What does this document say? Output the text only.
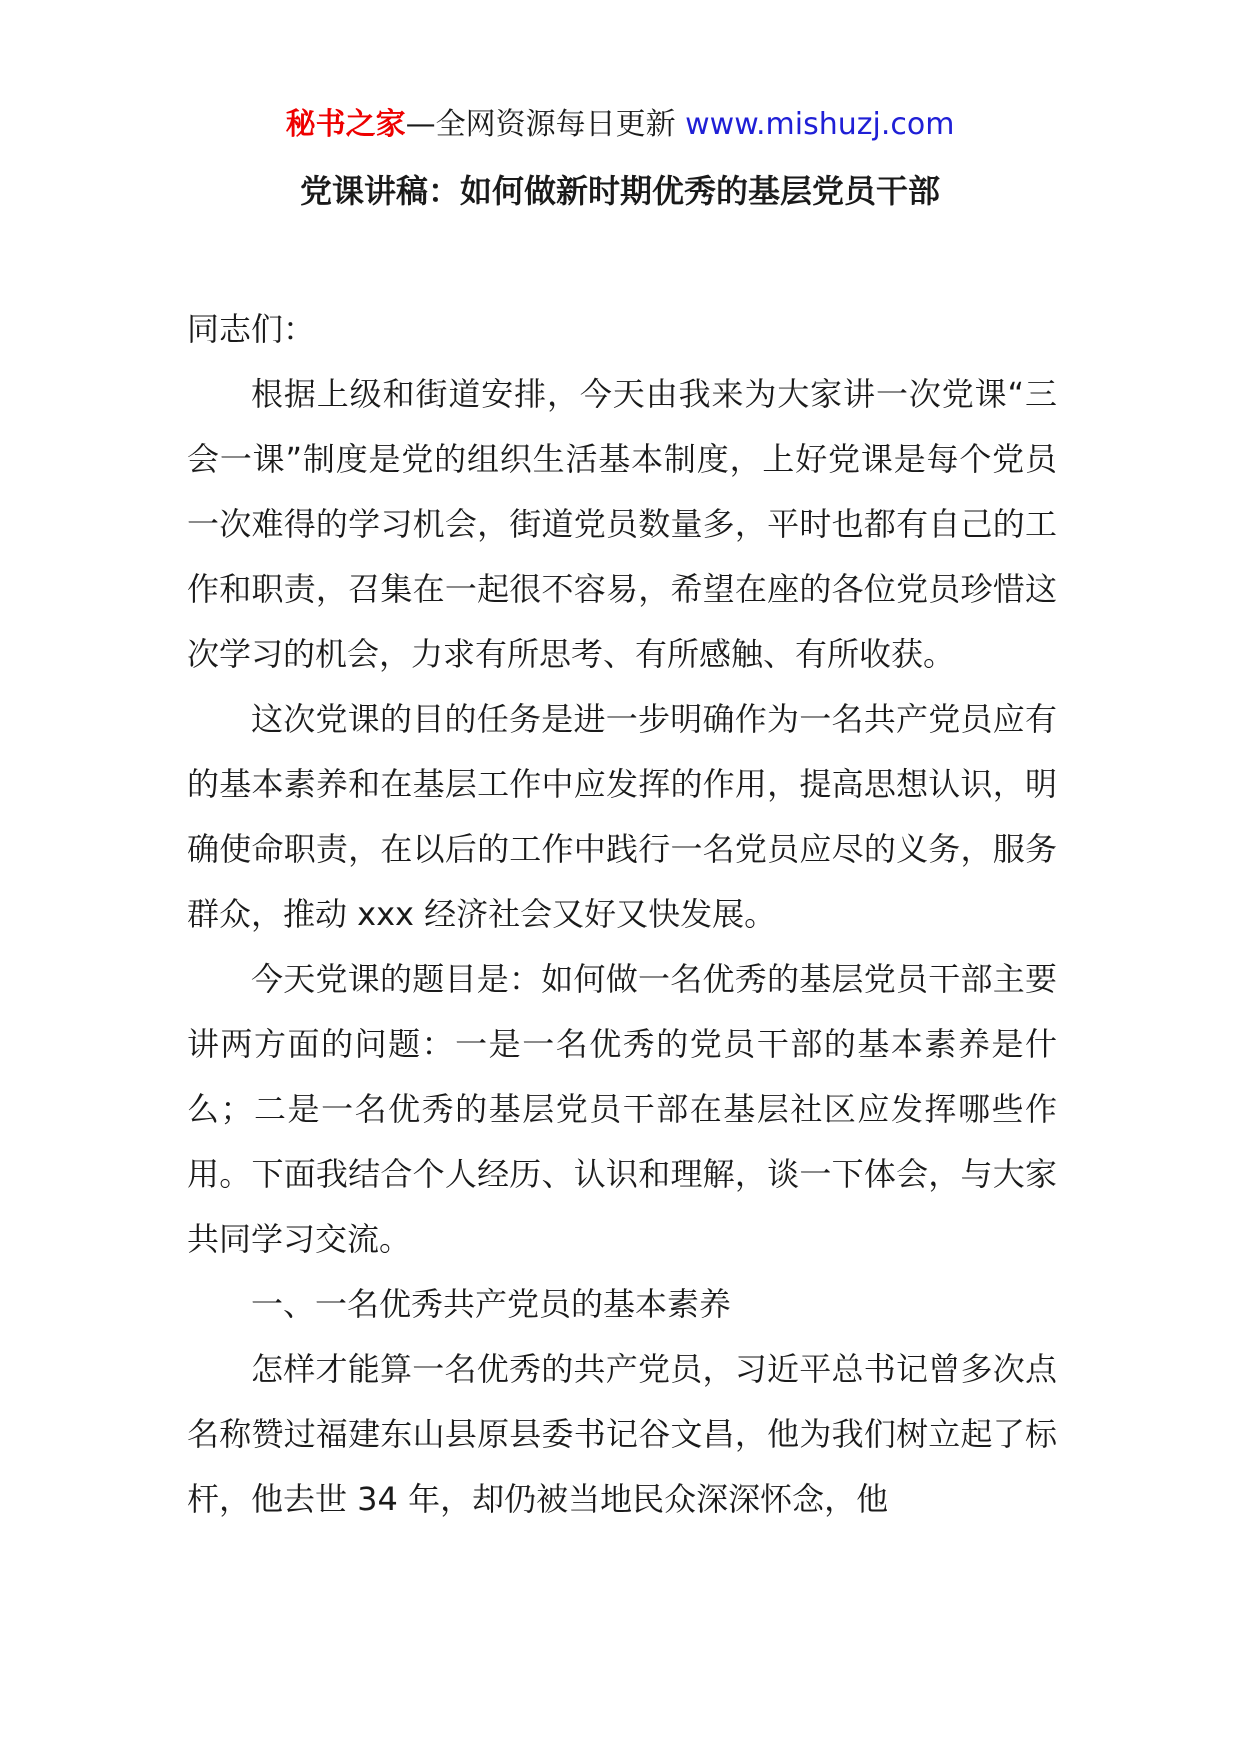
秘书之家—全网资源每日更新 www.mishuzj.com
党课讲稿：如何做新时期优秀的基层党员干部

同志们：

根据上级和街道安排，今天由我来为大家讲一次党课“三会一课”制度是党的组织生活基本制度，上好党课是每个党员一次难得的学习机会，街道党员数量多，平时也都有自己的工作和职责，召集在一起很不容易，希望在座的各位党员珍惜这次学习的机会，力求有所思考、有所感触、有所收获。

这次党课的目的任务是进一步明确作为一名共产党员应有的基本素养和在基层工作中应发挥的作用，提高思想认识，明确使命职责，在以后的工作中践行一名党员应尽的义务，服务群众，推动 xxx 经济社会又好又快发展。

今天党课的题目是：如何做一名优秀的基层党员干部主要讲两方面的问题：一是一名优秀的党员干部的基本素养是什么；二是一名优秀的基层党员干部在基层社区应发挥哪些作用。下面我结合个人经历、认识和理解，谈一下体会，与大家共同学习交流。

一、一名优秀共产党员的基本素养

怎样才能算一名优秀的共产党员，习近平总书记曾多次点名称赞过福建东山县原县委书记谷文昌，他为我们树立起了标杆，他去世 34 年，却仍被当地民众深深怀念，他
